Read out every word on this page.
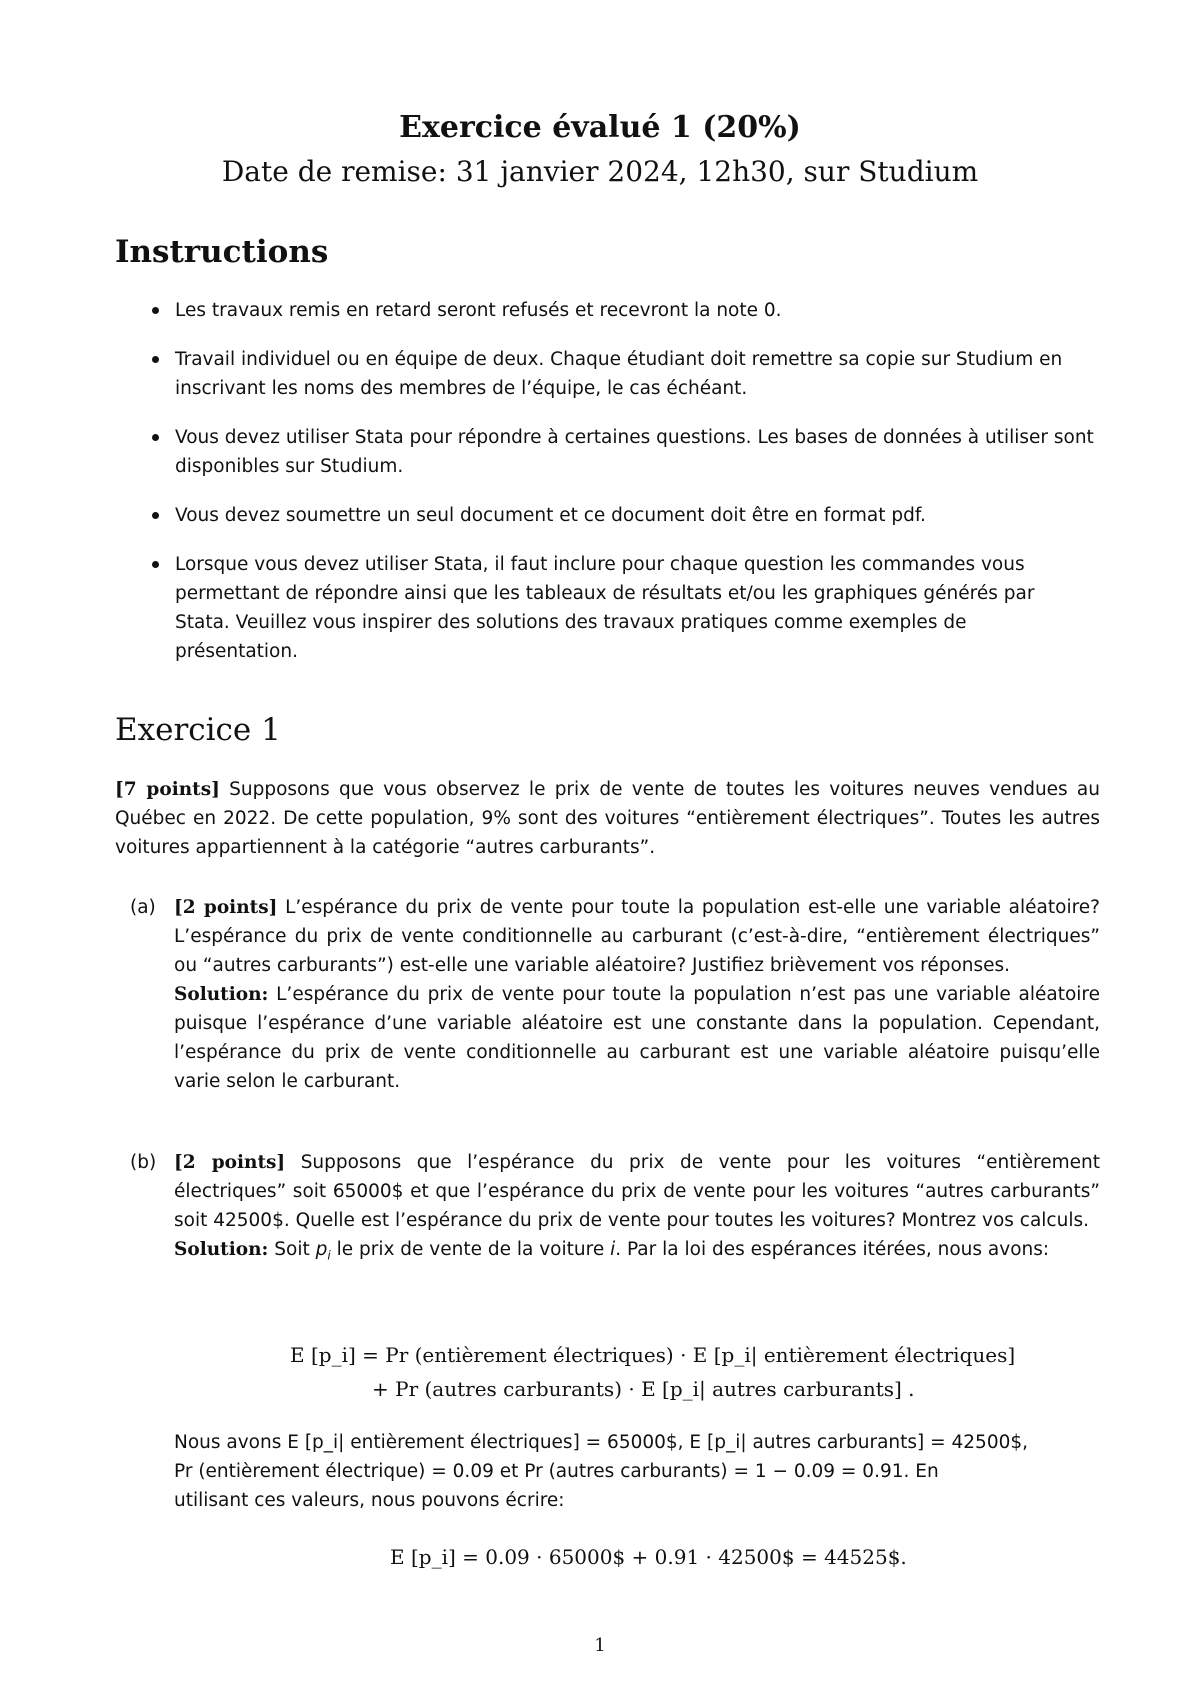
Exercice évalué 1 (20%)
Date de remise: 31 janvier 2024, 12h30, sur Studium
Instructions
Les travaux remis en retard seront refusés et recevront la note 0.
Travail individuel ou en équipe de deux. Chaque étudiant doit remettre sa copie sur Studium en inscrivant les noms des membres de l’équipe, le cas échéant.
Vous devez utiliser Stata pour répondre à certaines questions. Les bases de données à utiliser sont disponibles sur Studium.
Vous devez soumettre un seul document et ce document doit être en format pdf.
Lorsque vous devez utiliser Stata, il faut inclure pour chaque question les commandes vous permettant de répondre ainsi que les tableaux de résultats et/ou les graphiques générés par Stata. Veuillez vous inspirer des solutions des travaux pratiques comme exemples de présentation.
Exercice 1
[7 points] Supposons que vous observez le prix de vente de toutes les voitures neuves vendues au Québec en 2022. De cette population, 9% sont des voitures “entièrement électriques”. Toutes les autres voitures appartiennent à la catégorie “autres carburants”.
(a) [2 points] L’espérance du prix de vente pour toute la population est-elle une variable aléatoire? L’espérance du prix de vente conditionnelle au carburant (c’est-à-dire, “entièrement électriques” ou “autres carburants”) est-elle une variable aléatoire? Justifiez brièvement vos réponses.
Solution: L’espérance du prix de vente pour toute la population n’est pas une variable aléatoire puisque l’espérance d’une variable aléatoire est une constante dans la population. Cependant, l’espérance du prix de vente conditionnelle au carburant est une variable aléatoire puisqu’elle varie selon le carburant.
(b) [2 points] Supposons que l’espérance du prix de vente pour les voitures “entièrement électriques” soit 65000$ et que l’espérance du prix de vente pour les voitures “autres carburants” soit 42500$. Quelle est l’espérance du prix de vente pour toutes les voitures? Montrez vos calculs.
Solution: Soit $p_i$ le prix de vente de la voiture i. Par la loi des espérances itérées, nous avons:
E [p_i] = Pr (entièrement électriques) · E [p_i| entièrement électriques]
+ Pr (autres carburants) · E [p_i| autres carburants] .
Nous avons E [p_i| entièrement électriques] = 65000$, E [p_i| autres carburants] = 42500$,
Pr (entièrement électrique) = 0.09 et Pr (autres carburants) = 1 − 0.09 = 0.91. En
utilisant ces valeurs, nous pouvons écrire:
E [p_i] = 0.09 · 65000$ + 0.91 · 42500$ = 44525$.
1
